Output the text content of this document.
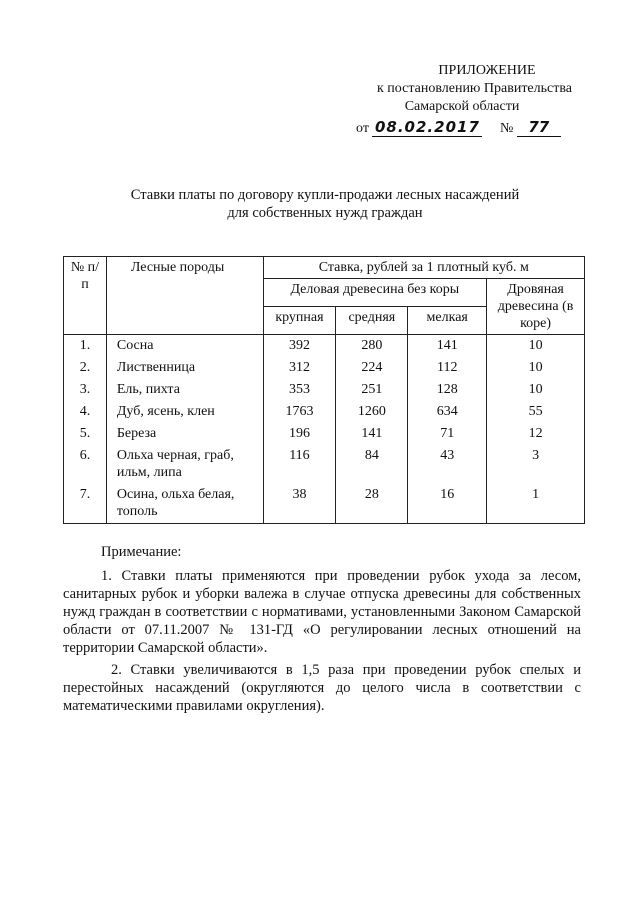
ПРИЛОЖЕНИЕ
к постановлению Правительства
Самарской области
от 08.02.2017 № 77
Ставки платы по договору купли-продажи лесных насаждений
для собственных нужд граждан
№ п/п	Лесные породы	Ставка, рублей за 1 плотный куб. м			
		Деловая древесина без коры			Дровяная древесина (в коре)
		крупная	средняя	мелкая	
1.	Сосна	392	280	141	10
2.	Лиственница	312	224	112	10
3.	Ель, пихта	353	251	128	10
4.	Дуб, ясень, клен	1763	1260	634	55
5.	Береза	196	141	71	12
6.	Ольха черная, граб, ильм, липа	116	84	43	3
7.	Осина, ольха белая, тополь	38	28	16	1
Примечание:

1. Ставки платы применяются при проведении рубок ухода за лесом, санитарных рубок и уборки валежа в случае отпуска древесины для собственных нужд граждан в соответствии с нормативами, установленными Законом Самарской области от 07.11.2007 № 131-ГД «О регулировании лесных отношений на территории Самарской области».

2. Ставки увеличиваются в 1,5 раза при проведении рубок спелых и перестойных насаждений (округляются до целого числа в соответствии с математическими правилами округления).
